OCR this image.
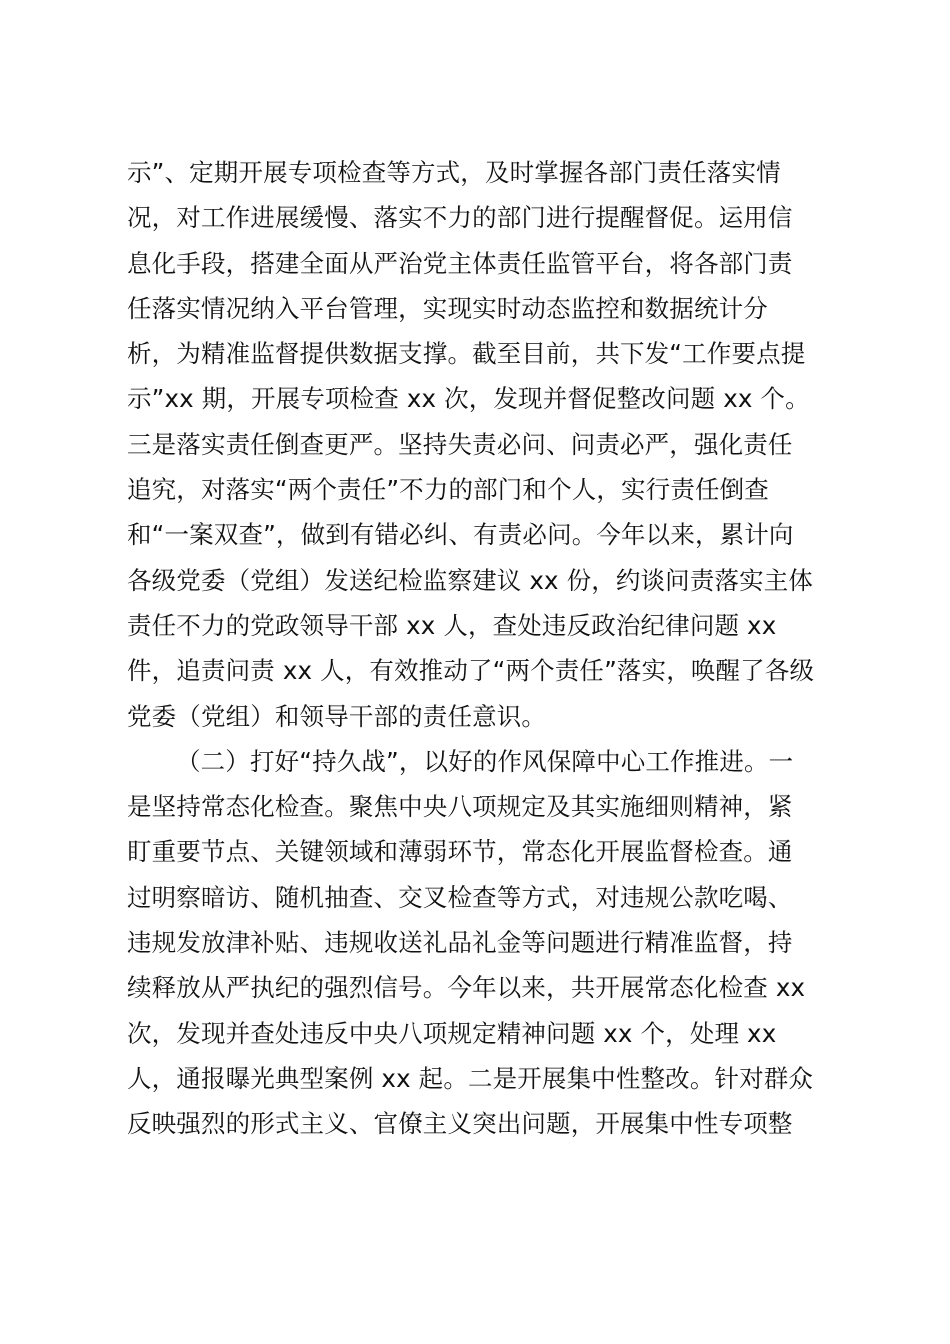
示”、定期开展专项检查等方式，及时掌握各部门责任落实情
况，对工作进展缓慢、落实不力的部门进行提醒督促。运用信
息化手段，搭建全面从严治党主体责任监管平台，将各部门责
任落实情况纳入平台管理，实现实时动态监控和数据统计分
析，为精准监督提供数据支撑。截至目前，共下发“工作要点提
示”xx 期，开展专项检查 xx 次，发现并督促整改问题 xx 个。
三是落实责任倒查更严。坚持失责必问、问责必严，强化责任
追究，对落实“两个责任”不力的部门和个人，实行责任倒查
和“一案双查”，做到有错必纠、有责必问。今年以来，累计向
各级党委（党组）发送纪检监察建议 xx 份，约谈问责落实主体
责任不力的党政领导干部 xx 人，查处违反政治纪律问题 xx
件，追责问责 xx 人，有效推动了“两个责任”落实，唤醒了各级
党委（党组）和领导干部的责任意识。
（二）打好“持久战”，以好的作风保障中心工作推进。一
是坚持常态化检查。聚焦中央八项规定及其实施细则精神，紧
盯重要节点、关键领域和薄弱环节，常态化开展监督检查。通
过明察暗访、随机抽查、交叉检查等方式，对违规公款吃喝、
违规发放津补贴、违规收送礼品礼金等问题进行精准监督，持
续释放从严执纪的强烈信号。今年以来，共开展常态化检查 xx
次，发现并查处违反中央八项规定精神问题 xx 个，处理 xx
人，通报曝光典型案例 xx 起。二是开展集中性整改。针对群众
反映强烈的形式主义、官僚主义突出问题，开展集中性专项整
